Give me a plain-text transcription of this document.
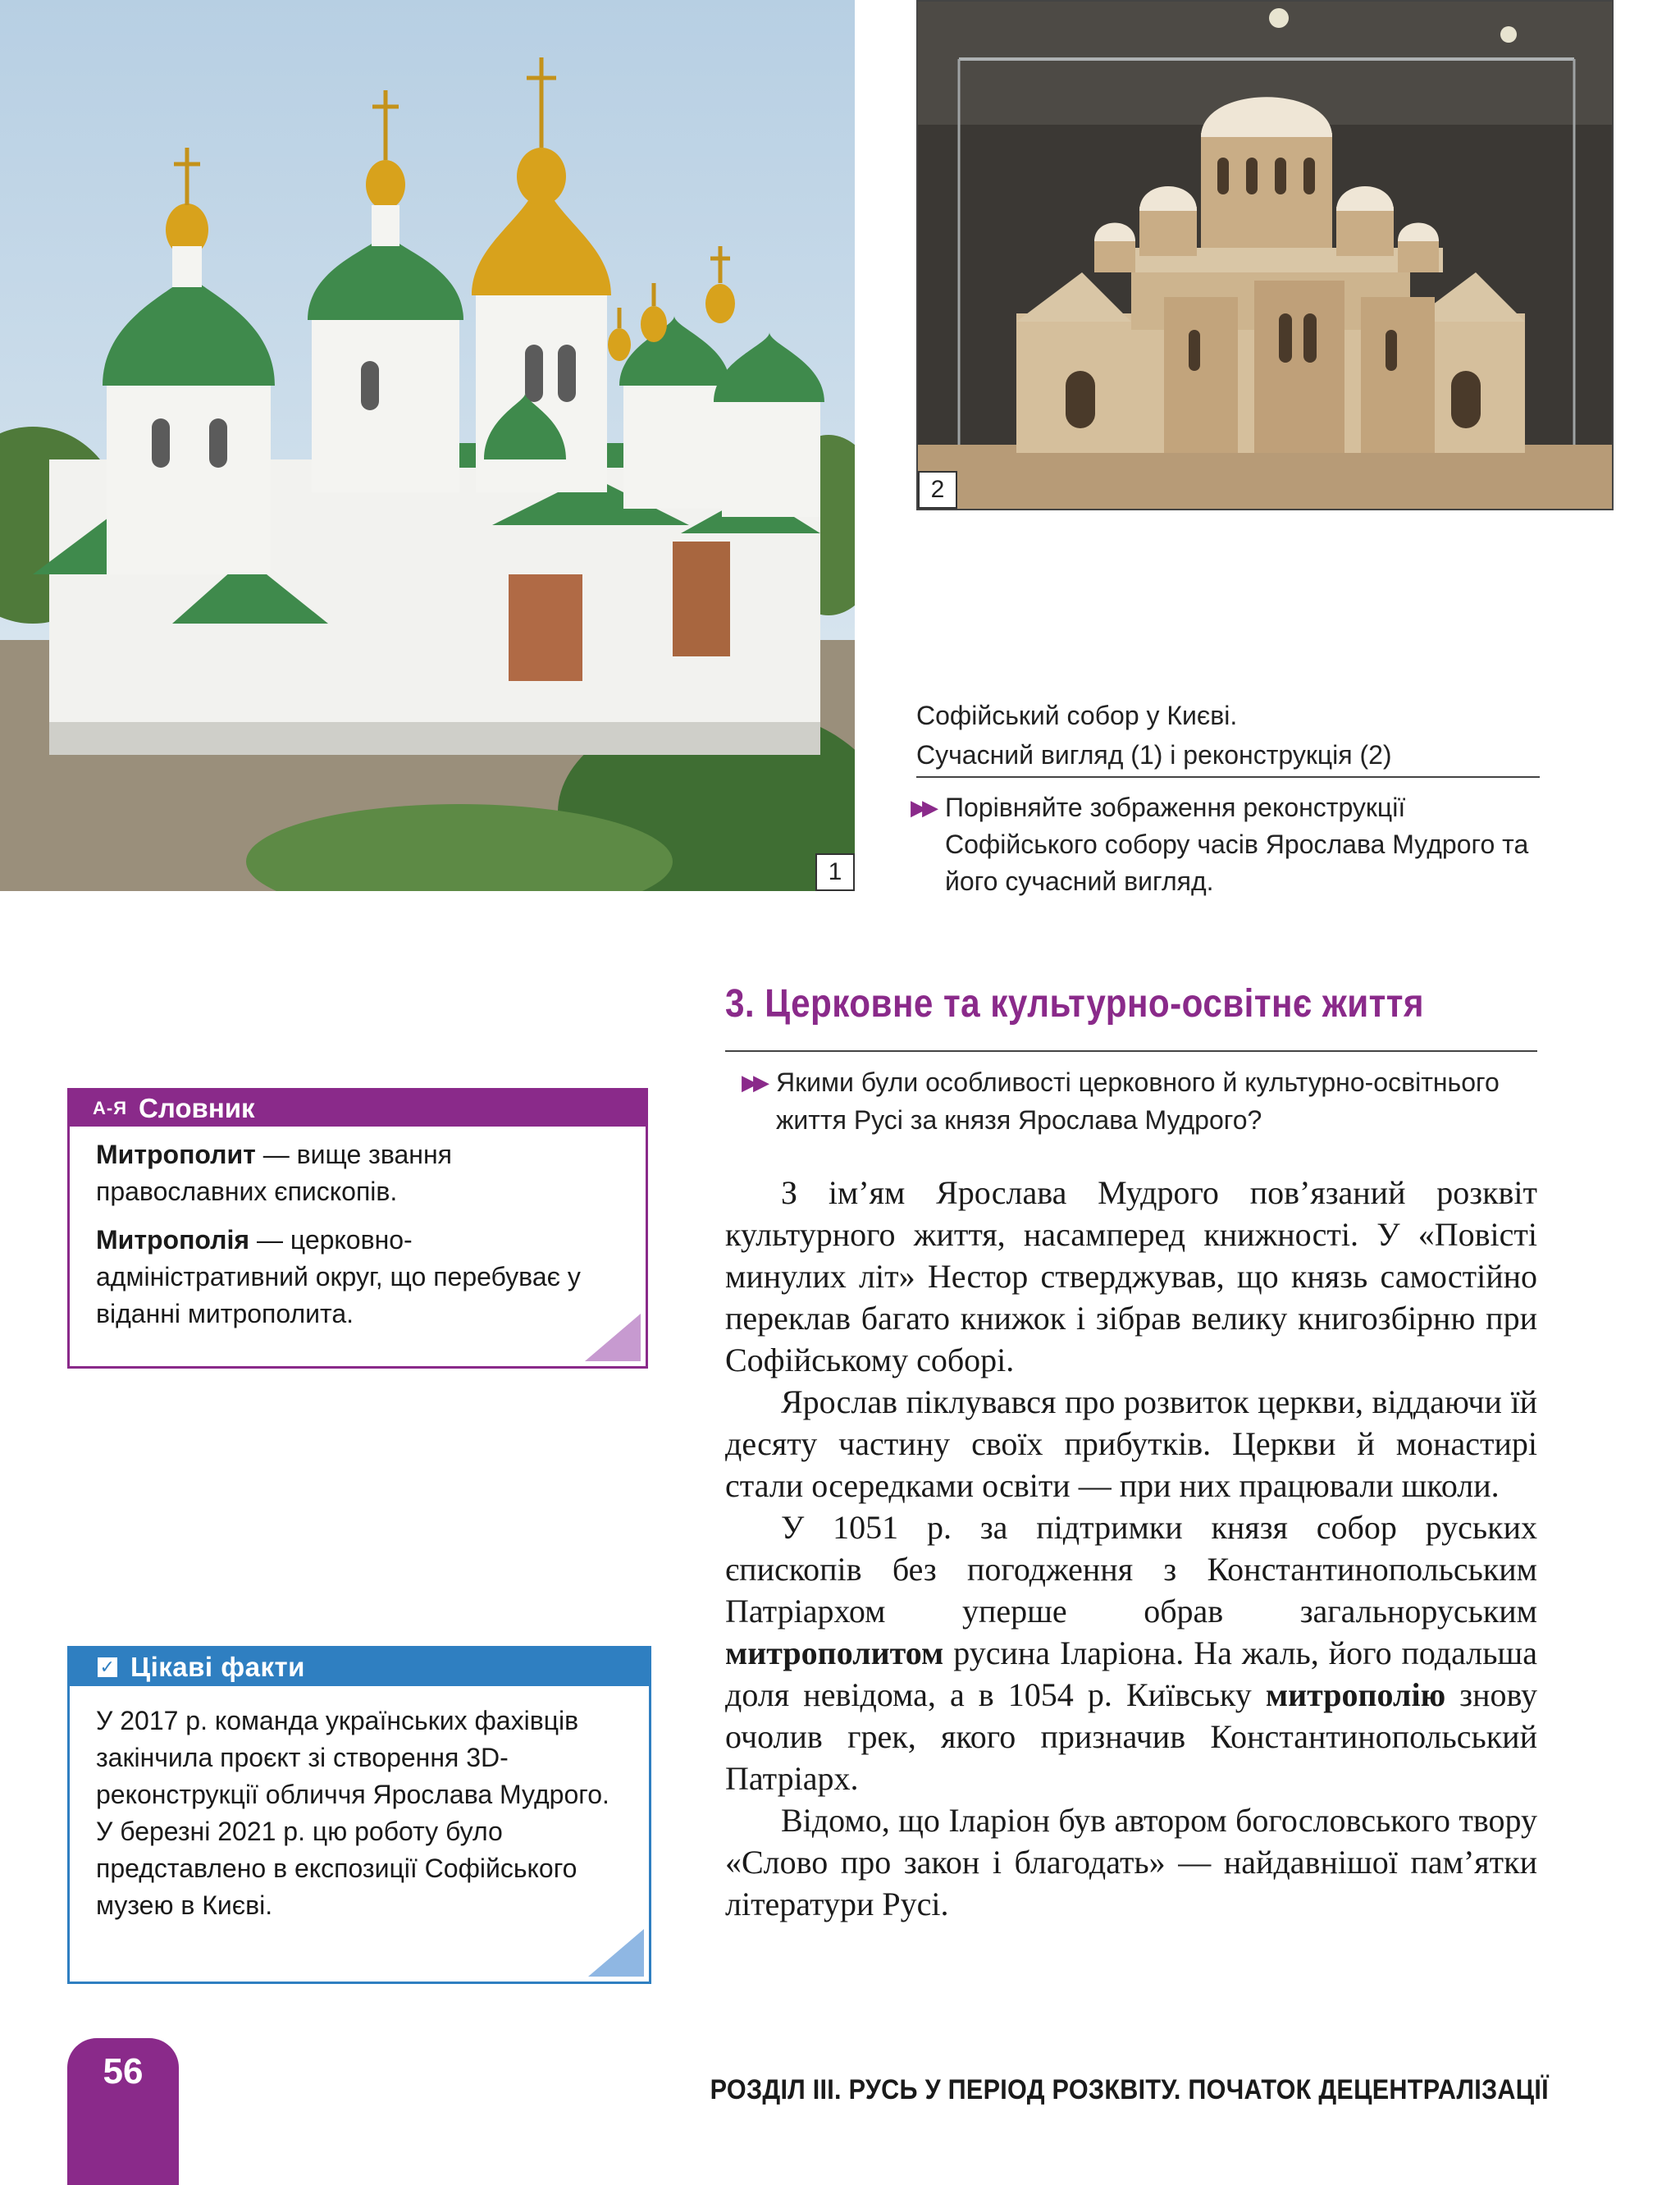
1
2
Софійський собор у Києві.
Сучасний вигляд (1) і реконструкція (2)
▶▶ Порівняйте зображення реконструкції Софійського собору часів Ярослава Мудрого та його сучасний вигляд.
3. Церковне та культурно-освітнє життя
▶▶ Якими були особливості церковного й культурно-освітнього життя Русі за князя Ярослава Мудрого?

З ім’ям Ярослава Мудрого пов’язаний розквіт культурного життя, насамперед книжності. У «Повісті минулих літ» Нестор стверджував, що князь самостійно переклав багато книжок і зібрав велику книгозбірню при Софійському соборі.

Ярослав піклувався про розвиток церкви, віддаючи їй десяту частину своїх прибутків. Церкви й монастирі стали осередками освіти — при них працювали школи.

У 1051 р. за підтримки князя собор руських єпископів без погодження з Константинопольським Патріархом уперше обрав загальноруським митрополитом русина Іларіона. На жаль, його подальша доля невідома, а в 1054 р. Київську митрополію знову очолив грек, якого призначив Константинопольський Патріарх.

Відомо, що Іларіон був автором богословського твору «Слово про закон і благодать» — найдавнішої пам’ятки літератури Русі.

А-Я Словник

Митрополит — вище звання православних єпископів.

Митрополія — церковно-адміністративний округ, що перебуває у віданні митрополита.

✓ Цікаві факти
У 2017 р. команда українських фахівців закінчила проєкт зі створення 3D-реконструкції обличчя Ярослава Мудрого. У березні 2021 р. цю роботу було представлено в експозиції Софійського музею в Києві.
56	РОЗДІЛ ІІІ. РУСЬ У ПЕРІОД РОЗКВІТУ. ПОЧАТОК ДЕЦЕНТРАЛІЗАЦІЇ
